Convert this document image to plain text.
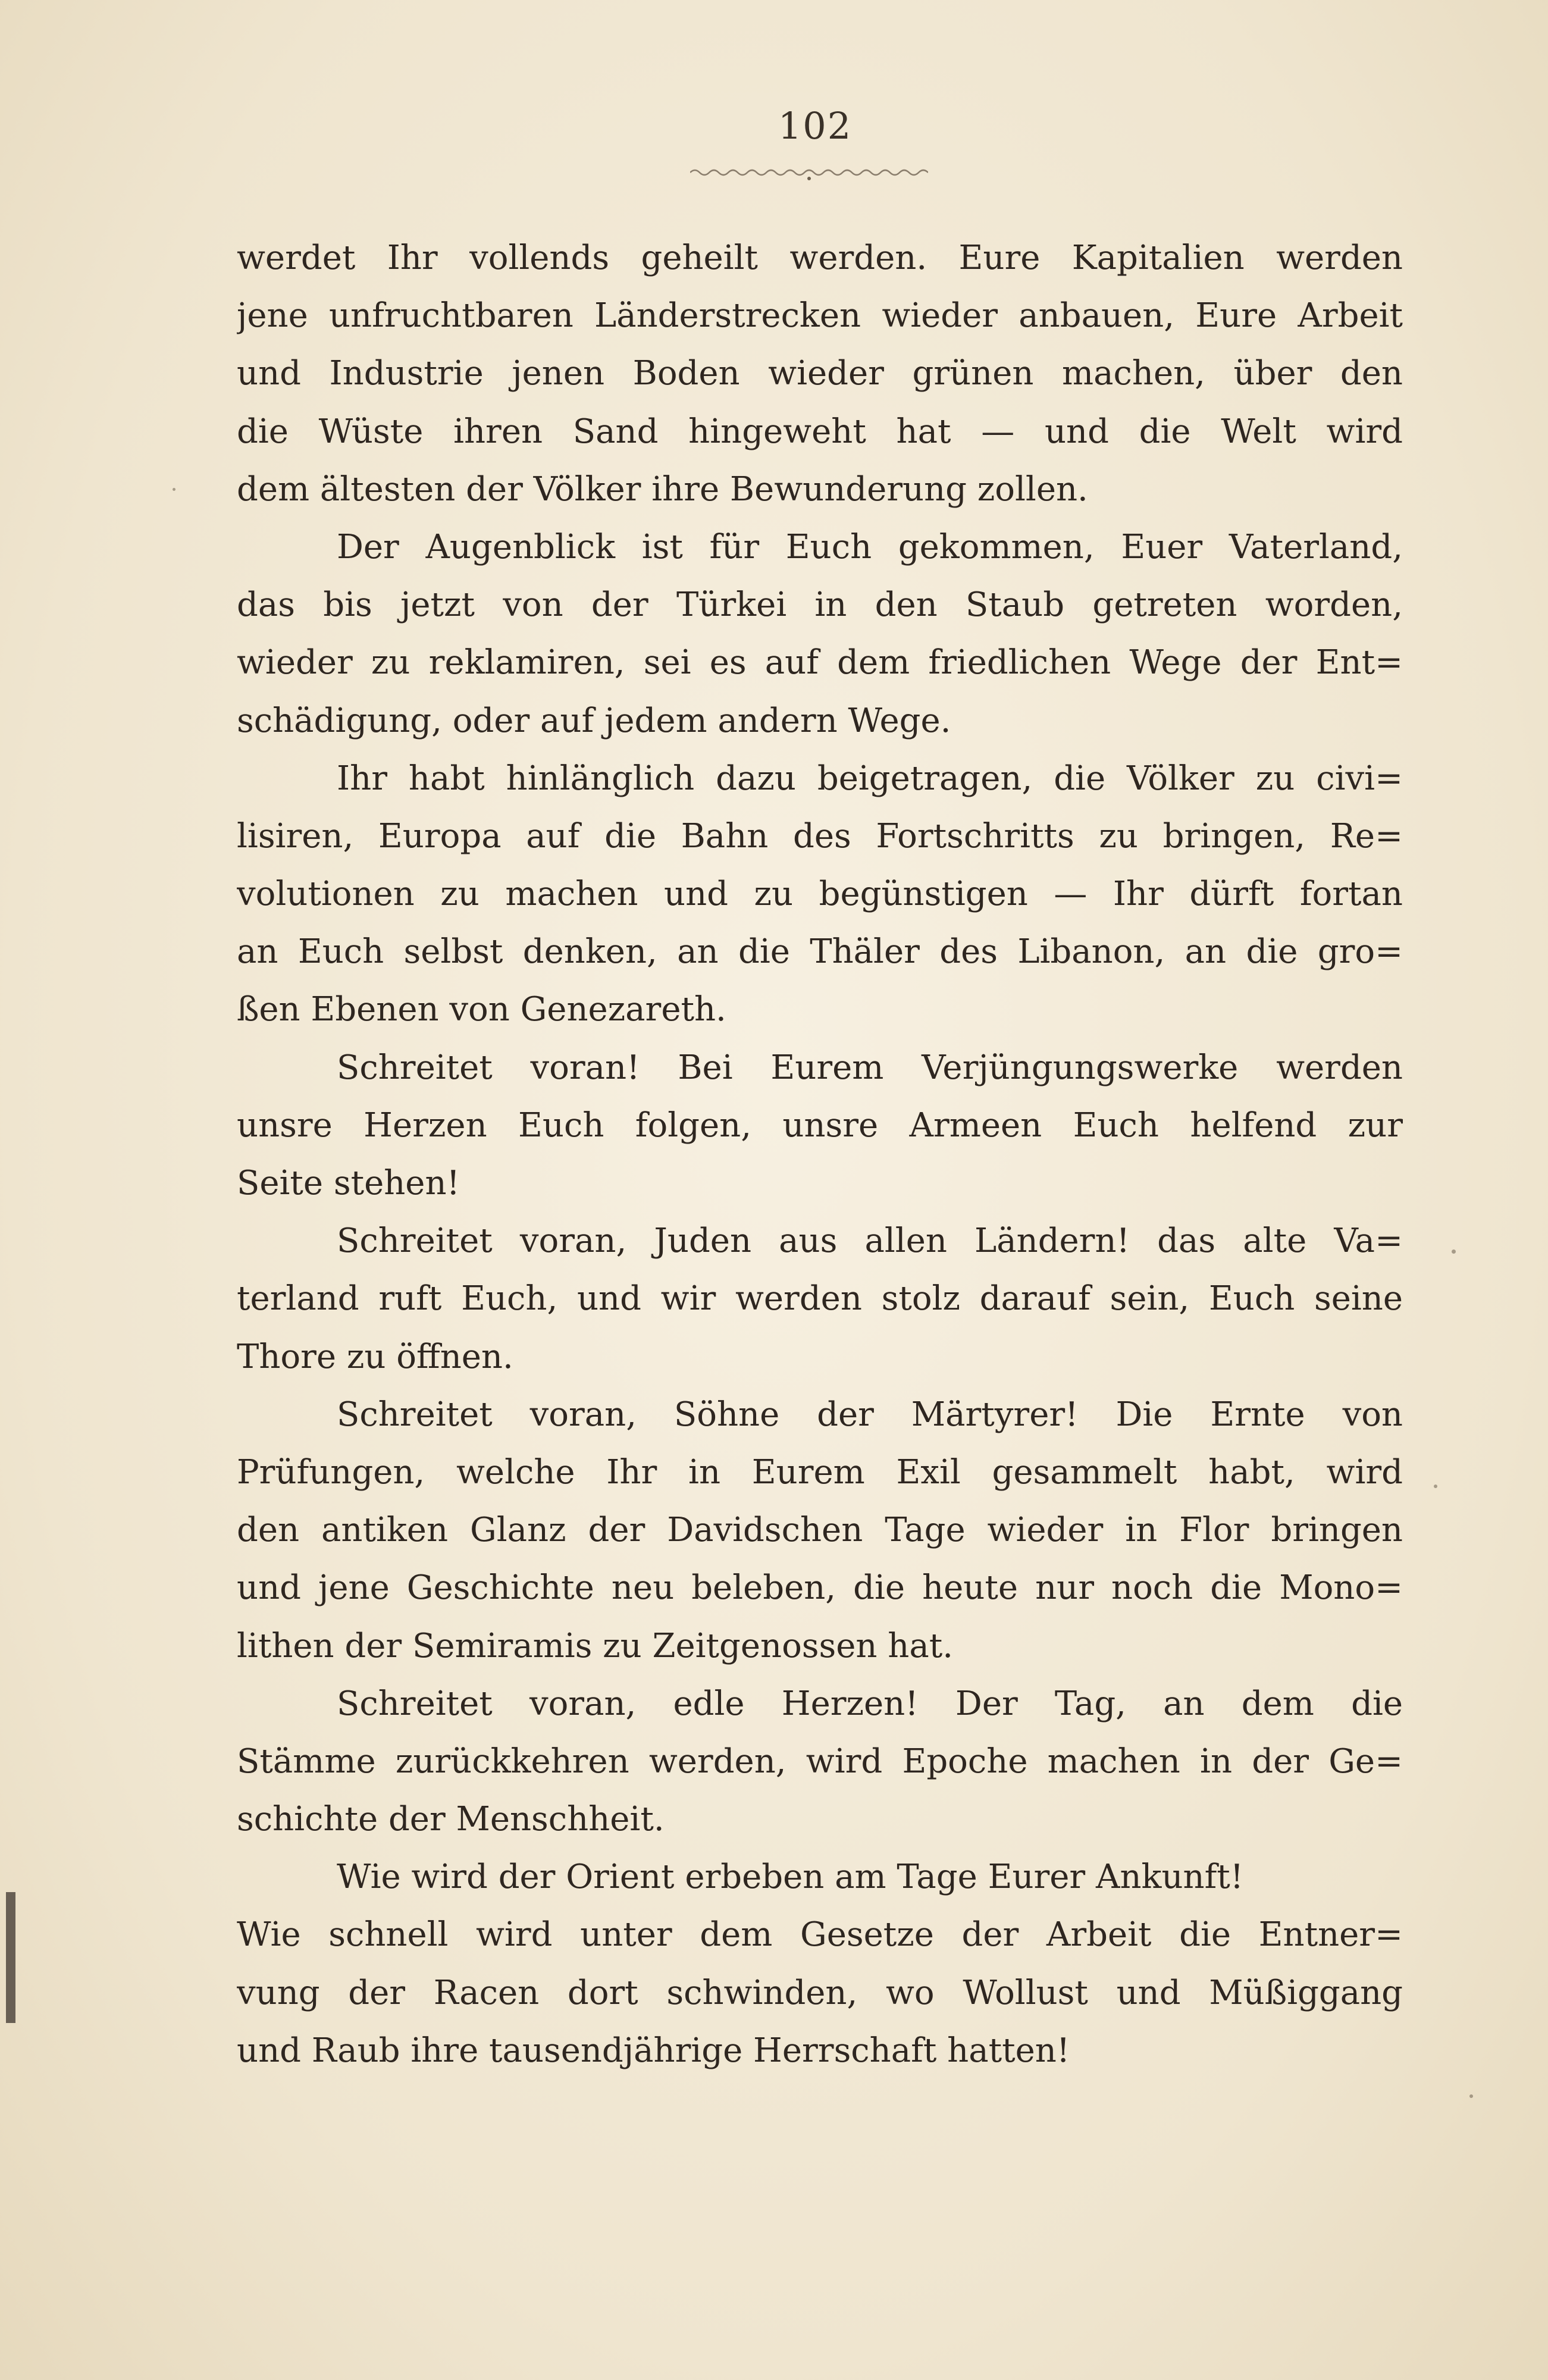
102
werdet Ihr vollends geheilt werden. Eure Kapitalien werden
jene unfruchtbaren Länderstrecken wieder anbauen, Eure Arbeit
und Industrie jenen Boden wieder grünen machen, über den
die Wüste ihren Sand hingeweht hat — und die Welt wird
dem ältesten der Völker ihre Bewunderung zollen.
Der Augenblick ist für Euch gekommen, Euer Vaterland,
das bis jetzt von der Türkei in den Staub getreten worden,
wieder zu reklamiren, sei es auf dem friedlichen Wege der Ent=
schädigung, oder auf jedem andern Wege.
Ihr habt hinlänglich dazu beigetragen, die Völker zu civi=
lisiren, Europa auf die Bahn des Fortschritts zu bringen, Re=
volutionen zu machen und zu begünstigen — Ihr dürft fortan
an Euch selbst denken, an die Thäler des Libanon, an die gro=
ßen Ebenen von Genezareth.
Schreitet voran! Bei Eurem Verjüngungswerke werden
unsre Herzen Euch folgen, unsre Armeen Euch helfend zur
Seite stehen!
Schreitet voran, Juden aus allen Ländern! das alte Va=
terland ruft Euch, und wir werden stolz darauf sein, Euch seine
Thore zu öffnen.
Schreitet voran, Söhne der Märtyrer! Die Ernte von
Prüfungen, welche Ihr in Eurem Exil gesammelt habt, wird
den antiken Glanz der Davidschen Tage wieder in Flor bringen
und jene Geschichte neu beleben, die heute nur noch die Mono=
lithen der Semiramis zu Zeitgenossen hat.
Schreitet voran, edle Herzen! Der Tag, an dem die
Stämme zurückkehren werden, wird Epoche machen in der Ge=
schichte der Menschheit.
Wie wird der Orient erbeben am Tage Eurer Ankunft!
Wie schnell wird unter dem Gesetze der Arbeit die Entner=
vung der Racen dort schwinden, wo Wollust und Müßiggang
und Raub ihre tausendjährige Herrschaft hatten!
